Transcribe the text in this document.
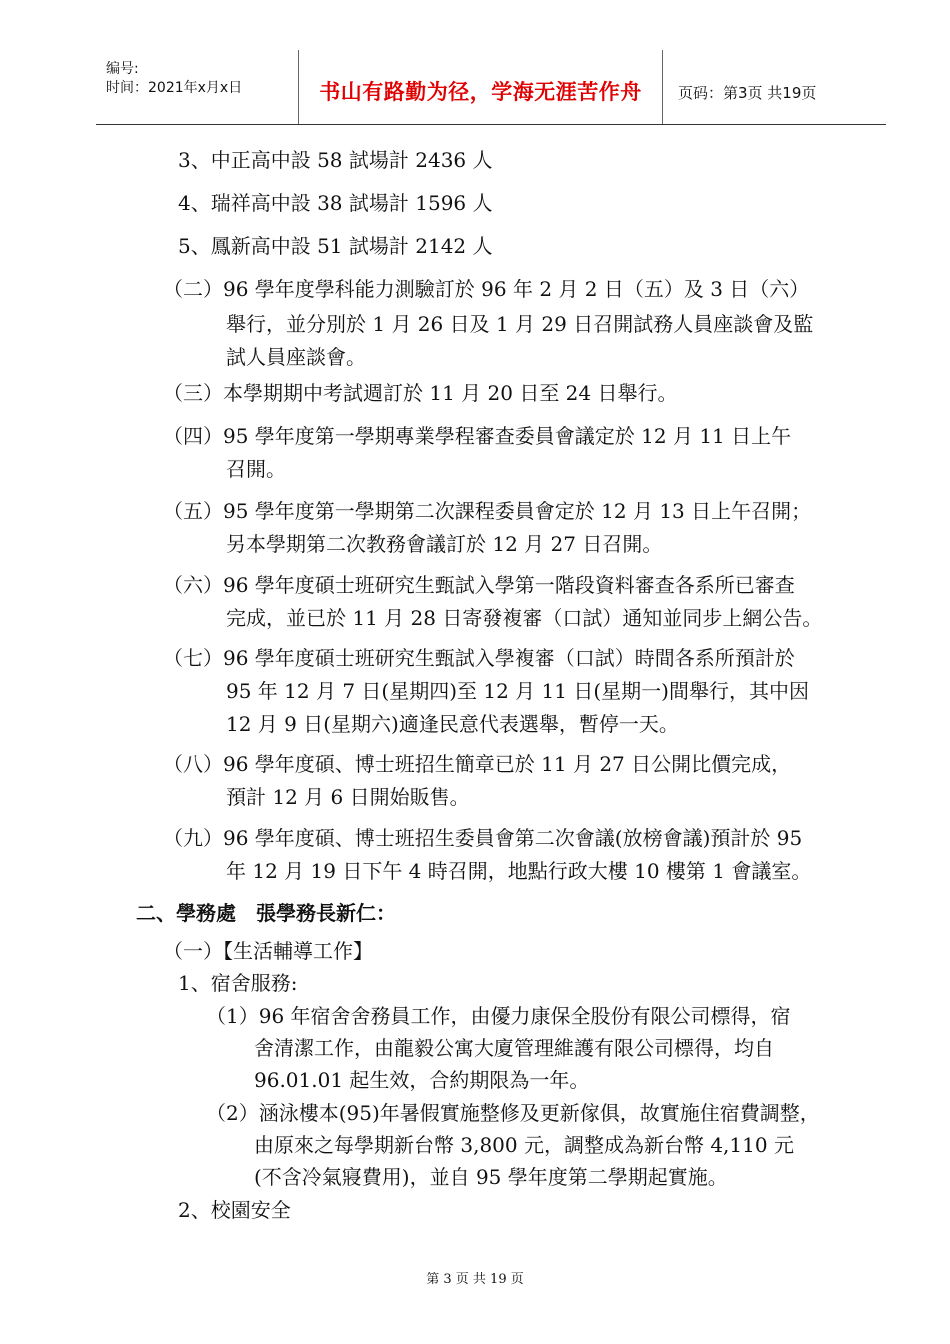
编号:
时间：2021年x月x日	书山有路勤为径，学海无涯苦作舟	页码：第3页 共19页
3、中正高中設 58 試場計 2436 人
4、瑞祥高中設 38 試場計 1596 人
5、鳳新高中設 51 試場計 2142 人
（二）96 學年度學科能力測驗訂於 96 年 2 月 2 日（五）及 3 日（六）
舉行，並分別於 1 月 26 日及 1 月 29 日召開試務人員座談會及監
試人員座談會。
（三）本學期期中考試週訂於 11 月 20 日至 24 日舉行。
（四）95 學年度第一學期專業學程審查委員會議定於 12 月 11 日上午
召開。
（五）95 學年度第一學期第二次課程委員會定於 12 月 13 日上午召開；
另本學期第二次教務會議訂於 12 月 27 日召開。
（六）96 學年度碩士班研究生甄試入學第一階段資料審查各系所已審查
完成，並已於 11 月 28 日寄發複審（口試）通知並同步上網公告。
（七）96 學年度碩士班研究生甄試入學複審（口試）時間各系所預計於
95 年 12 月 7 日(星期四)至 12 月 11 日(星期一)間舉行，其中因
12 月 9 日(星期六)適逢民意代表選舉，暫停一天。
（八）96 學年度碩、博士班招生簡章已於 11 月 27 日公開比價完成，
預計 12 月 6 日開始販售。
（九）96 學年度碩、博士班招生委員會第二次會議(放榜會議)預計於 95
年 12 月 19 日下午 4 時召開，地點行政大樓 10 樓第 1 會議室。
二、學務處　張學務長新仁：
（一）【生活輔導工作】
1、宿舍服務:
（1）96 年宿舍舍務員工作，由優力康保全股份有限公司標得，宿
舍清潔工作，由龍毅公寓大廈管理維護有限公司標得，均自
96.01.01 起生效，合約期限為一年。
（2）涵泳樓本(95)年暑假實施整修及更新傢俱，故實施住宿費調整，
由原來之每學期新台幣 3,800 元，調整成為新台幣 4,110 元
(不含冷氣寢費用)，並自 95 學年度第二學期起實施。
2、校園安全
第 3 页 共 19 页
